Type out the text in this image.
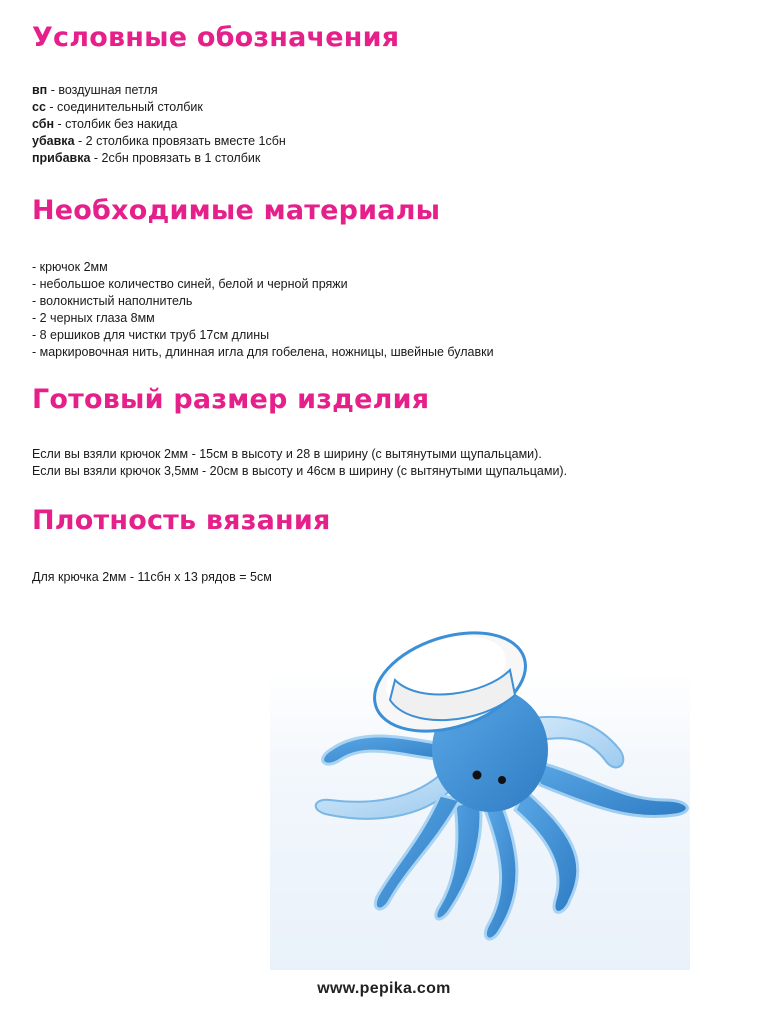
Условные обозначения
вп - воздушная петля
сс - соединительный столбик
сбн - столбик без накида
убавка - 2 столбика провязать вместе 1сбн
прибавка - 2сбн провязать в 1 столбик
Необходимые материалы
- крючок 2мм
- небольшое количество синей, белой и черной пряжи
- волокнистый наполнитель
- 2 черных глаза 8мм
- 8 ершиков для чистки труб 17см длины
- маркировочная нить, длинная игла для гобелена, ножницы, швейные булавки
Готовый размер изделия

Если вы взяли крючок 2мм - 15см в высоту и 28 в ширину (с вытянутыми щупальцами).

Если вы взяли крючок 3,5мм - 20см в высоту и 46см в ширину (с вытянутыми щупальцами).

Плотность вязания

Для крючка 2мм - 11сбн х 13 рядов = 5см

www.pepika.com
